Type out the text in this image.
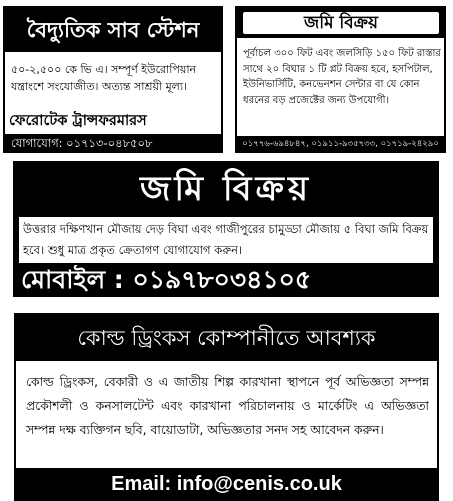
বৈদ্যুতিক সাব স্টেশন
৫০-২,৫০০ কে ভি এ। সম্পূর্ণ ইউরোপিয়ান যন্ত্রাংশে সংযোজীত। অত্যন্ত সাশ্রয়ী মূল্য।
ফেরোটেক ট্রান্সফরমারস
যোগাযোগ: ০১৭১৩-০৪৮৫০৮
জমি বিক্রয়
পূর্বাচল ৩০০ ফিট এবং জলসিড়ি ১৫০ ফিট রাস্তার সাথে ২০ বিঘার ১ টি প্লট বিক্রয় হবে, হসপিটাল, ইউনিভার্সিটি, কনভেনশন সেন্টার বা যে কোন ধরনের বড় প্রজেক্টের জন্য উপযোগী।
০১৭৭৬-৬৯৪৮৪৭, ০১৯১১-৯৩৫৭৩৩, ০১৭১৯-২৪২৯০
জমি বিক্রয়
উত্তরার দক্ষিণখান মৌজায় দেড় বিঘা এবং গাজীপুরের চামুড্ডা মৌজায় ৫ বিঘা জমি বিক্রয় হবে। শুধু মাত্র প্রকৃত ক্রেতাগণ যোগাযোগ করুন।
মোবাইল : ০১৯৭৮০৩৪১০৫
কোল্ড ড্রিংকস কোম্পানীতে আবশ্যক
কোল্ড ড্রিংকস, বেকারী ও এ জাতীয় শিল্প কারখানা স্থাপনে পূর্ব অভিজ্ঞতা সম্পন্ন প্রকৌশলী ও কনসালটেন্ট এবং কারখানা পরিচালনায় ও মার্কেটিং এ অভিজ্ঞতা সম্পন্ন দক্ষ ব্যক্তিগন ছবি, বায়োডাটা, অভিজ্ঞতার সনদ সহ আবেদন করুন।
Email: info@cenis.co.uk
